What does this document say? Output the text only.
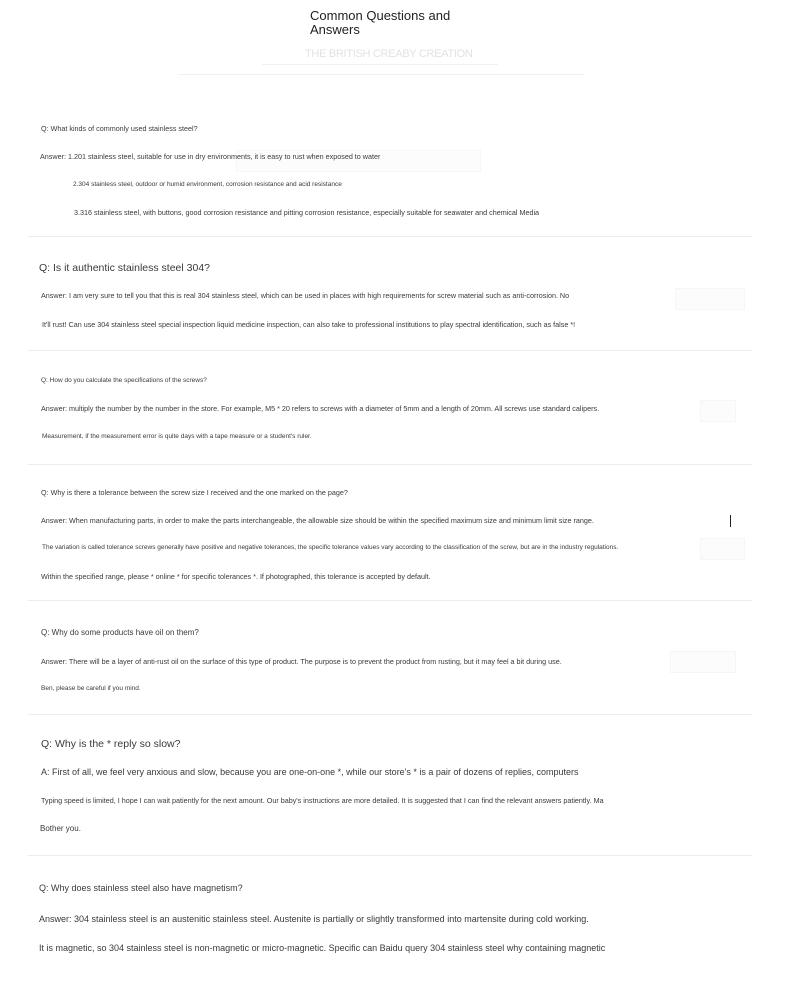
Common Questions and Answers
THE BRITISH CREABY CREATION
Q: What kinds of commonly used stainless steel?
Answer: 1.201 stainless steel, suitable for use in dry environments, it is easy to rust when exposed to water
2.304 stainless steel, outdoor or humid environment, corrosion resistance and acid resistance
3.316 stainless steel, with buttons, good corrosion resistance and pitting corrosion resistance, especially suitable for seawater and chemical Media
Q: Is it authentic stainless steel 304?
Answer: I am very sure to tell you that this is real 304 stainless steel, which can be used in places with high requirements for screw material such as anti-corrosion. No
It'll rust! Can use 304 stainless steel special inspection liquid medicine inspection, can also take to professional institutions to play spectral identification, such as false *!
Q: How do you calculate the specifications of the screws?
Answer: multiply the number by the number in the store. For example, M5 * 20 refers to screws with a diameter of 5mm and a length of 20mm. All screws use standard calipers.
Measurement, if the measurement error is quite days with a tape measure or a student's ruler.
Q: Why is there a tolerance between the screw size I received and the one marked on the page?
Answer: When manufacturing parts, in order to make the parts interchangeable, the allowable size should be within the specified maximum size and minimum limit size range.
The variation is called tolerance screws generally have positive and negative tolerances, the specific tolerance values vary according to the classification of the screw, but are in the industry regulations.
Within the specified range, please * online * for specific tolerances *. If photographed, this tolerance is accepted by default.
Q: Why do some products have oil on them?
Answer: There will be a layer of anti-rust oil on the surface of this type of product. The purpose is to prevent the product from rusting, but it may feel a bit during use.
Ben, please be careful if you mind.
Q: Why is the * reply so slow?
A: First of all, we feel very anxious and slow, because you are one-on-one *, while our store's * is a pair of dozens of replies, computers
Typing speed is limited, I hope I can wait patiently for the next amount. Our baby's instructions are more detailed. It is suggested that I can find the relevant answers patiently. Ma
Bother you.
Q: Why does stainless steel also have magnetism?
Answer: 304 stainless steel is an austenitic stainless steel. Austenite is partially or slightly transformed into martensite during cold working.
It is magnetic, so 304 stainless steel is non-magnetic or micro-magnetic. Specific can Baidu query 304 stainless steel why containing magnetic
